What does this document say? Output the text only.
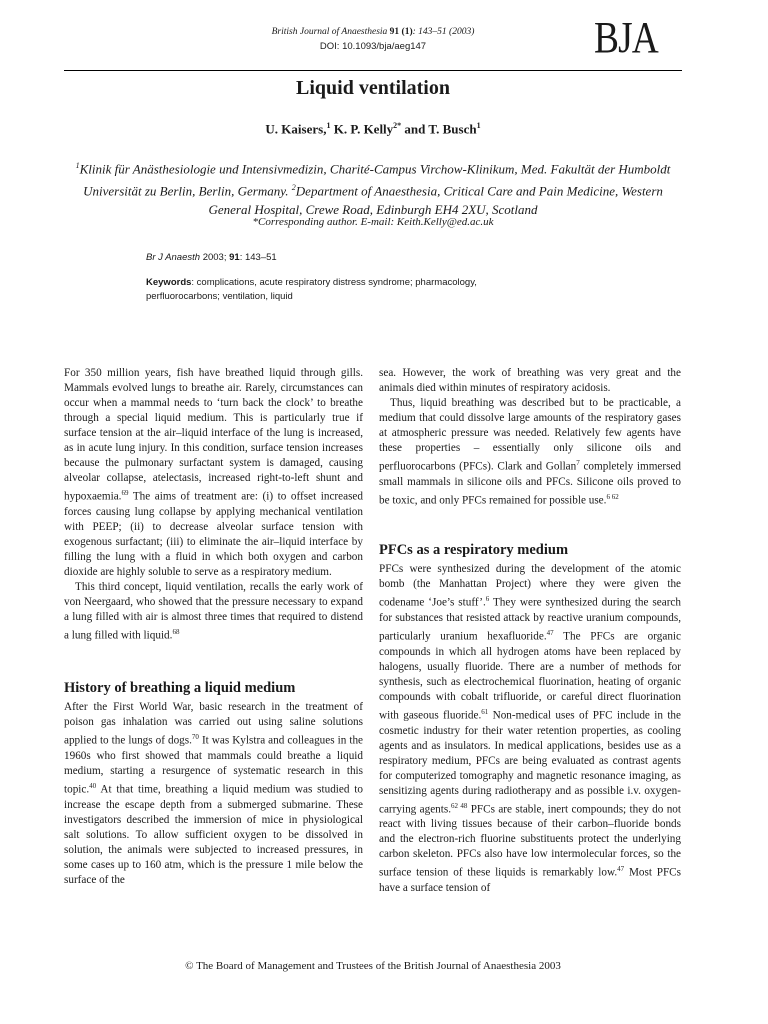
British Journal of Anaesthesia 91 (1): 143–51 (2003)
DOI: 10.1093/bja/aeg147	BJA
Liquid ventilation
U. Kaisers,$^1$ K. P. Kelly$^{2*}$ and T. Busch$^1$
$^1$Klinik für Anästhesiologie und Intensivmedizin, Charité-Campus Virchow-Klinikum, Med. Fakultät der Humboldt Universität zu Berlin, Berlin, Germany. $^2$Department of Anaesthesia, Critical Care and Pain Medicine, Western General Hospital, Crewe Road, Edinburgh EH4 2XU, Scotland
*Corresponding author. E-mail: Keith.Kelly@ed.ac.uk
Br J Anaesth 2003; 91: 143–51
Keywords: complications, acute respiratory distress syndrome; pharmacology, perfluorocarbons; ventilation, liquid

For 350 million years, fish have breathed liquid through gills. Mammals evolved lungs to breathe air. Rarely, circumstances can occur when a mammal needs to ‘turn back the clock’ to breathe through a special liquid medium. This is particularly true if surface tension at the air–liquid interface of the lung is increased, as in acute lung injury. In this condition, surface tension increases because the pulmonary surfactant system is damaged, causing alveolar collapse, atelectasis, increased right-to-left shunt and hypoxaemia.$^{69}$ The aims of treatment are: (i) to offset increased forces causing lung collapse by applying mechanical ventilation with PEEP; (ii) to decrease alveolar surface tension with exogenous surfactant; (iii) to eliminate the air–liquid interface by filling the lung with a fluid in which both oxygen and carbon dioxide are highly soluble to serve as a respiratory medium.

This third concept, liquid ventilation, recalls the early work of von Neergaard, who showed that the pressure necessary to expand a lung filled with air is almost three times that required to distend a lung filled with liquid.$^{68}$

History of breathing a liquid medium

After the First World War, basic research in the treatment of poison gas inhalation was carried out using saline solutions applied to the lungs of dogs.$^{70}$ It was Kylstra and colleagues in the 1960s who first showed that mammals could breathe a liquid medium, starting a resurgence of systematic research in this topic.$^{40}$ At that time, breathing a liquid medium was studied to increase the escape depth from a submerged submarine. These investigators described the immersion of mice in physiological salt solutions. To allow sufficient oxygen to be dissolved in solution, the animals were subjected to increased pressures, in some cases up to 160 atm, which is the pressure 1 mile below the surface of the

sea. However, the work of breathing was very great and the animals died within minutes of respiratory acidosis.

Thus, liquid breathing was described but to be practicable, a medium that could dissolve large amounts of the respiratory gases at atmospheric pressure was needed. Relatively few agents have these properties – essentially only silicone oils and perfluorocarbons (PFCs). Clark and Gollan$^7$ completely immersed small mammals in silicone oils and PFCs. Silicone oils proved to be toxic, and only PFCs remained for possible use.$^{6 62}$

PFCs as a respiratory medium

PFCs were synthesized during the development of the atomic bomb (the Manhattan Project) where they were given the codename ‘Joe’s stuff’.$^6$ They were synthesized during the search for substances that resisted attack by reactive uranium compounds, particularly uranium hexafluoride.$^{47}$ The PFCs are organic compounds in which all hydrogen atoms have been replaced by halogens, usually fluoride. There are a number of methods for synthesis, such as electrochemical fluorination, heating of organic compounds with cobalt trifluoride, or careful direct fluorination with gaseous fluoride.$^{61}$ Non-medical uses of PFC include in the cosmetic industry for their water retention properties, as cooling agents and as insulators. In medical applications, besides use as a respiratory medium, PFCs are being evaluated as contrast agents for computerized tomography and magnetic resonance imaging, as sensitizing agents during radiotherapy and as possible i.v. oxygen-carrying agents.$^{62 48}$ PFCs are stable, inert compounds; they do not react with living tissues because of their carbon–fluoride bonds and the electron-rich fluorine substituents protect the underlying carbon skeleton. PFCs also have low intermolecular forces, so the surface tension of these liquids is remarkably low.$^{47}$ Most PFCs have a surface tension of

© The Board of Management and Trustees of the British Journal of Anaesthesia 2003
